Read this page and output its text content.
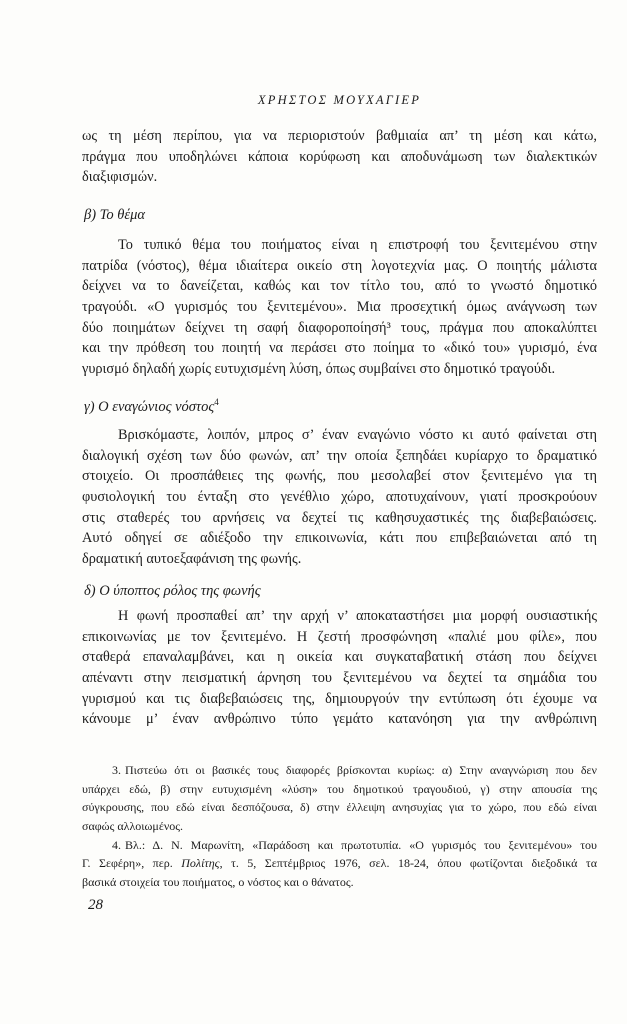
ΧΡΗΣΤΟΣ ΜΟΥΧΑΓΙΕΡ
ως τη μέση περίπου, για να περιοριστούν βαθμιαία απ’ τη μέση και κάτω,
πράγμα που υποδηλώνει κάποια κορύφωση και αποδυνάμωση των διαλεκτικών
διαξιφισμών.
β) Το θέμα
Το τυπικό θέμα του ποιήματος είναι η επιστροφή του ξενιτεμένου στην
πατρίδα (νόστος), θέμα ιδιαίτερα οικείο στη λογοτεχνία μας. Ο ποιητής μάλιστα
δείχνει να το δανείζεται, καθώς και τον τίτλο του, από το γνωστό δημοτικό
τραγούδι. «Ο γυρισμός του ξενιτεμένου». Μια προσεχτική όμως ανάγνωση των
δύο ποιημάτων δείχνει τη σαφή διαφοροποίησή³ τους, πράγμα που αποκαλύπτει
και την πρόθεση του ποιητή να περάσει στο ποίημα το «δικό του» γυρισμό, ένα
γυρισμό δηλαδή χωρίς ευτυχισμένη λύση, όπως συμβαίνει στο δημοτικό τραγούδι.
γ) Ο εναγώνιος νόστος$^4$
Βρισκόμαστε, λοιπόν, μπρος σ’ έναν εναγώνιο νόστο κι αυτό φαίνεται στη
διαλογική σχέση των δύο φωνών, απ’ την οποία ξεπηδάει κυρίαρχο το δραματικό
στοιχείο. Οι προσπάθειες της φωνής, που μεσολαβεί στον ξενιτεμένο για τη
φυσιολογική του ένταξη στο γενέθλιο χώρο, αποτυχαίνουν, γιατί προσκρούουν
στις σταθερές του αρνήσεις να δεχτεί τις καθησυχαστικές της διαβεβαιώσεις.
Αυτό οδηγεί σε αδιέξοδο την επικοινωνία, κάτι που επιβεβαιώνεται από τη
δραματική αυτοεξαφάνιση της φωνής.
δ) Ο ύποπτος ρόλος της φωνής
Η φωνή προσπαθεί απ’ την αρχή ν’ αποκαταστήσει μια μορφή ουσιαστικής
επικοινωνίας με τον ξενιτεμένο. Η ζεστή προσφώνηση «παλιέ μου φίλε», που
σταθερά επαναλαμβάνει, και η οικεία και συγκαταβατική στάση που δείχνει
απέναντι στην πεισματική άρνηση του ξενιτεμένου να δεχτεί τα σημάδια του
γυρισμού και τις διαβεβαιώσεις της, δημιουργούν την εντύπωση ότι έχουμε να
κάνουμε μ’ έναν ανθρώπινο τύπο γεμάτο κατανόηση για την ανθρώπινη
3. Πιστεύω ότι οι βασικές τους διαφορές βρίσκονται κυρίως: α) Στην αναγνώριση που δεν
υπάρχει εδώ, β) στην ευτυχισμένη «λύση» του δημοτικού τραγουδιού, γ) στην απουσία της
σύγκρουσης, που εδώ είναι δεσπόζουσα, δ) στην έλλειψη ανησυχίας για το χώρο, που εδώ είναι
σαφώς αλλοιωμένος.
4. Βλ.: Δ. Ν. Μαρωνίτη, «Παράδοση και πρωτοτυπία. «Ο γυρισμός του ξενιτεμένου» του
Γ. Σεφέρη», περ. Πολίτης, τ. 5, Σεπτέμβριος 1976, σελ. 18-24, όπου φωτίζονται διεξοδικά τα
βασικά στοιχεία του ποιήματος, ο νόστος και ο θάνατος.
28
